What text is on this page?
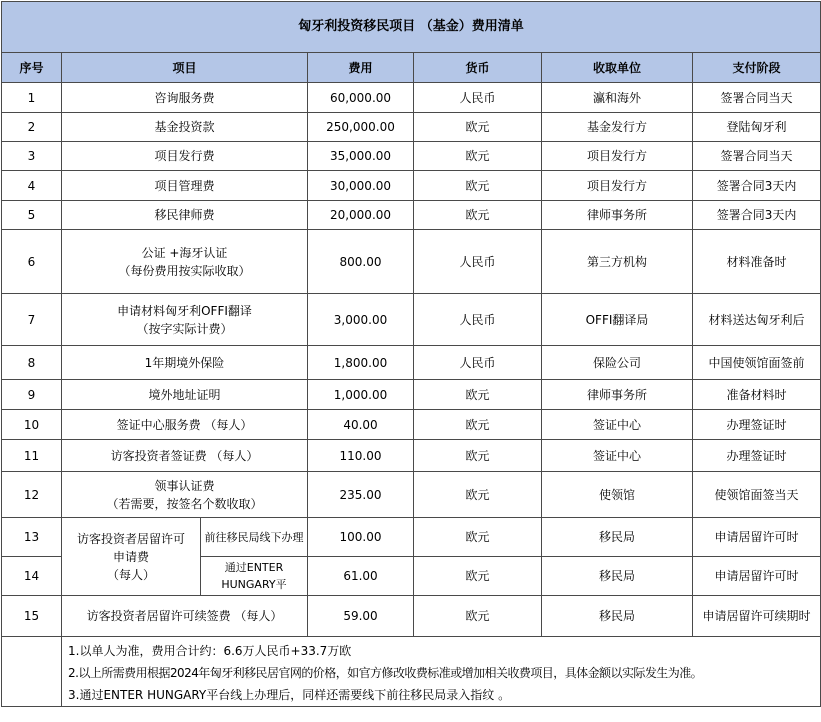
匈牙利投资移民项目 （基金）费用清单						
序号	项目		费用	货币	收取单位	支付阶段
1	咨询服务费		60,000.00	人民币	瀛和海外	签署合同当天
2	基金投资款		250,000.00	欧元	基金发行方	登陆匈牙利
3	项目发行费		35,000.00	欧元	项目发行方	签署合同当天
4	项目管理费		30,000.00	欧元	项目发行方	签署合同3天内
5	移民律师费		20,000.00	欧元	律师事务所	签署合同3天内
6	公证 +海牙认证
（每份费用按实际收取）		800.00	人民币	第三方机构	材料准备时
7	申请材料匈牙利OFFI翻译
（按字实际计费）		3,000.00	人民币	OFFI翻译局	材料送达匈牙利后
8	1年期境外保险		1,800.00	人民币	保险公司	中国使领馆面签前
9	境外地址证明		1,000.00	欧元	律师事务所	准备材料时
10	签证中心服务费 （每人）		40.00	欧元	签证中心	办理签证时
11	访客投资者签证费 （每人）		110.00	欧元	签证中心	办理签证时
12	领事认证费
（若需要，按签名个数收取）		235.00	欧元	使领馆	使领馆面签当天
13	访客投资者居留许可
申请费
（每人）	前往移民局线下办理	100.00	欧元	移民局	申请居留许可时
14		通过ENTER
HUNGARY平	61.00	欧元	移民局	申请居留许可时
15	访客投资者居留许可续签费 （每人）		59.00	欧元	移民局	申请居留许可续期时

	1.以单人为准，费用合计约：6.6万人民币+33.7万欧
2.以上所需费用根据2024年匈牙利移民居官网的价格，如官方修改收费标准或增加相关收费项目，具体金额以实际发生为准。
3.通过ENTER HUNGARY平台线上办理后，同样还需要线下前往移民局录入指纹 。					
